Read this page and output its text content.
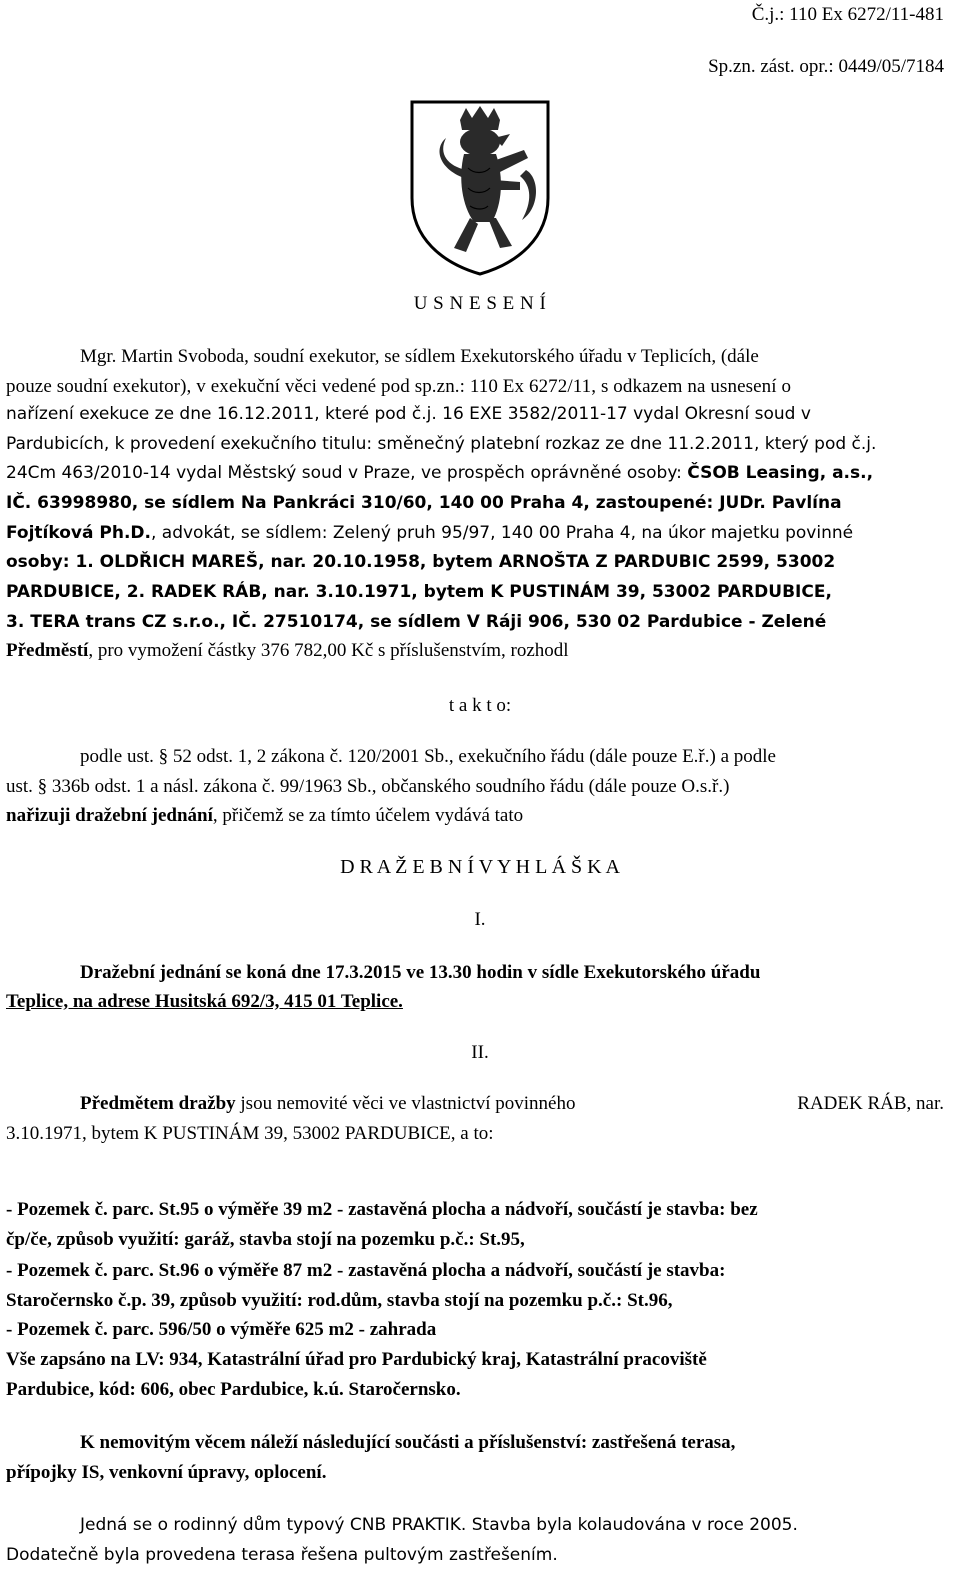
Č.j.: 110 Ex 6272/11-481
Sp.zn. zást. opr.: 0449/05/7184
U S N E S E N Í
Mgr. Martin Svoboda, soudní exekutor, se sídlem Exekutorského úřadu v Teplicích, (dále
pouze soudní exekutor), v exekuční věci vedené pod sp.zn.: 110 Ex 6272/11, s odkazem na usnesení o
nařízení exekuce ze dne 16.12.2011, které pod č.j. 16 EXE 3582/2011-17 vydal Okresní soud v
Pardubicích, k provedení exekučního titulu: směnečný platební rozkaz ze dne 11.2.2011, který pod č.j.
24Cm 463/2010-14 vydal Městský soud v Praze, ve prospěch oprávněné osoby: ČSOB Leasing, a.s.,
IČ. 63998980, se sídlem Na Pankráci 310/60, 140 00 Praha 4, zastoupené: JUDr. Pavlína
Fojtíková Ph.D., advokát, se sídlem: Zelený pruh 95/97, 140 00 Praha 4, na úkor majetku povinné
osoby: 1. OLDŘICH MAREŠ, nar. 20.10.1958, bytem ARNOŠTA Z PARDUBIC 2599, 53002
PARDUBICE, 2. RADEK RÁB, nar. 3.10.1971, bytem K PUSTINÁM 39, 53002 PARDUBICE,
3. TERA trans CZ s.r.o., IČ. 27510174, se sídlem V Ráji 906, 530 02 Pardubice - Zelené
Předměstí, pro vymožení částky 376 782,00 Kč s příslušenstvím, rozhodl
t a k t o:
podle ust. § 52 odst. 1, 2 zákona č. 120/2001 Sb., exekučního řádu (dále pouze E.ř.) a podle
ust. § 336b odst. 1 a násl. zákona č. 99/1963 Sb., občanského soudního řádu (dále pouze O.s.ř.)
nařizuji dražební jednání, přičemž se za tímto účelem vydává tato
D R A Ž E B N Í V Y H L Á Š K A
I.
Dražební jednání se koná dne 17.3.2015 ve 13.30 hodin v sídle Exekutorského úřadu
Teplice, na adrese Husitská 692/3, 415 01 Teplice.
II.
Předmětem dražby jsou nemovité věci ve vlastnictví povinného	RADEK RÁB, nar.
3.10.1971, bytem K PUSTINÁM 39, 53002 PARDUBICE, a to:
- Pozemek č. parc. St.95 o výměře 39 m2 - zastavěná plocha a nádvoří, součástí je stavba: bez
čp/če, způsob využití: garáž, stavba stojí na pozemku p.č.: St.95,
- Pozemek č. parc. St.96 o výměře 87 m2 - zastavěná plocha a nádvoří, součástí je stavba:
Staročernsko č.p. 39, způsob využití: rod.dům, stavba stojí na pozemku p.č.: St.96,
- Pozemek č. parc. 596/50 o výměře 625 m2 - zahrada
Vše zapsáno na LV: 934, Katastrální úřad pro Pardubický kraj, Katastrální pracoviště
Pardubice, kód: 606, obec Pardubice, k.ú. Staročernsko.
K nemovitým věcem náleží následující součásti a příslušenství: zastřešená terasa,
přípojky IS, venkovní úpravy, oplocení.
Jedná se o rodinný dům typový CNB PRAKTIK. Stavba byla kolaudována v roce 2005.
Dodatečně byla provedena terasa řešena pultovým zastřešením.
